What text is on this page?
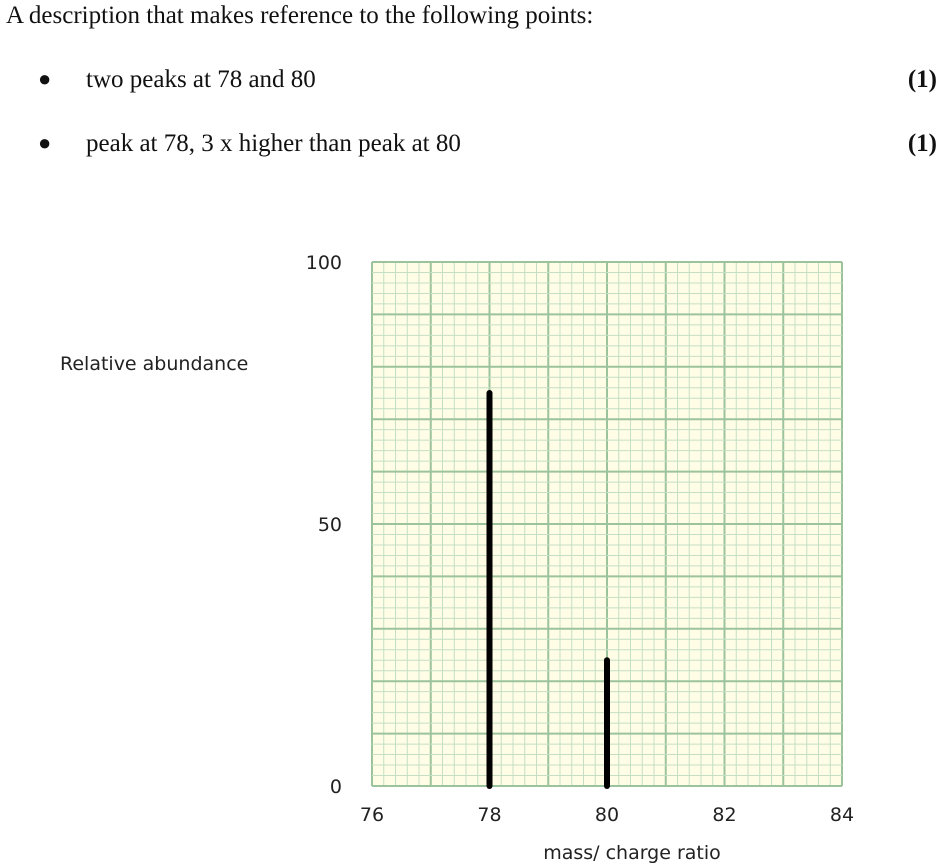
A description that makes reference to the following points:
● two peaks at 78 and 80	(1)
● peak at 78, 3 x higher than peak at 80	(1)
76	78	80	82	84
0
50
100
Relative abundance
mass/ charge ratio
